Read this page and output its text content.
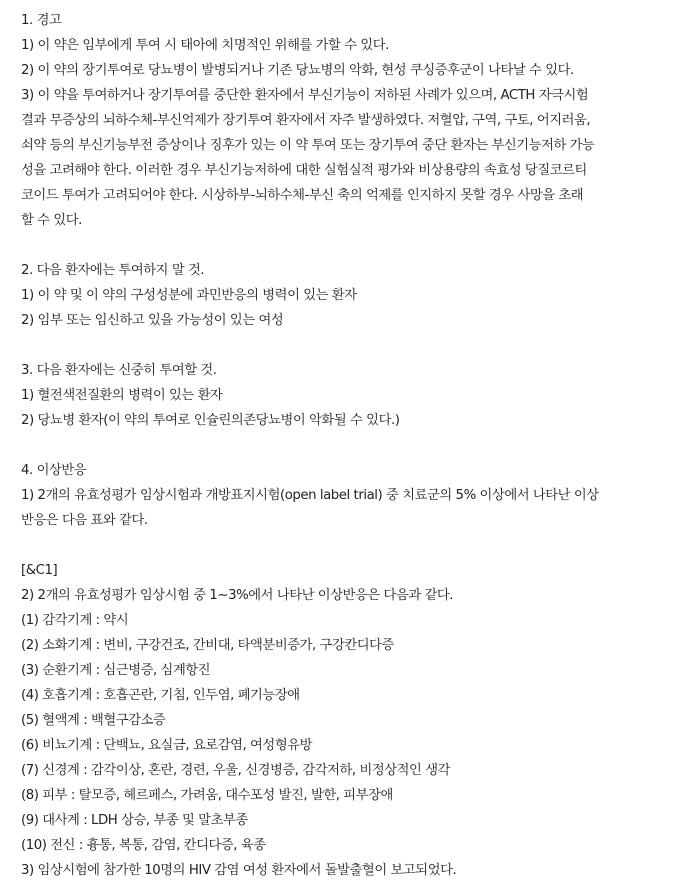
1. 경고
1) 이 약은 임부에게 투여 시 태아에 치명적인 위해를 가할 수 있다.
2) 이 약의 장기투여로 당뇨병이 발병되거나 기존 당뇨병의 악화, 현성 쿠싱증후군이 나타날 수 있다.
3) 이 약을 투여하거나 장기투여를 중단한 환자에서 부신기능이 저하된 사례가 있으며, ACTH 자극시험
결과 무증상의 뇌하수체-부신억제가 장기투여 환자에서 자주 발생하였다. 저혈압, 구역, 구토, 어지러움,
쇠약 등의 부신기능부전 증상이나 징후가 있는 이 약 투여 또는 장기투여 중단 환자는 부신기능저하 가능
성을 고려해야 한다. 이러한 경우 부신기능저하에 대한 실험실적 평가와 비상용량의 속효성 당질코르티
코이드 투여가 고려되어야 한다. 시상하부-뇌하수체-부신 축의 억제를 인지하지 못할 경우 사망을 초래
할 수 있다.
2. 다음 환자에는 투여하지 말 것.
1) 이 약 및 이 약의 구성성분에 과민반응의 병력이 있는 환자
2) 임부 또는 임신하고 있을 가능성이 있는 여성
3. 다음 환자에는 신중히 투여할 것.
1) 혈전색전질환의 병력이 있는 환자
2) 당뇨병 환자(이 약의 투여로 인슐린의존당뇨병이 악화될 수 있다.)
4. 이상반응
1) 2개의 유효성평가 임상시험과 개방표지시험(open label trial) 중 치료군의 5% 이상에서 나타난 이상
반응은 다음 표와 같다.
[&C1]
2) 2개의 유효성평가 임상시험 중 1~3%에서 나타난 이상반응은 다음과 같다.
(1) 감각기계 : 약시
(2) 소화기계 : 변비, 구강건조, 간비대, 타액분비증가, 구강칸디다증
(3) 순환기계 : 심근병증, 심계항진
(4) 호흡기계 : 호흡곤란, 기침, 인두염, 폐기능장애
(5) 혈액계 : 백혈구감소증
(6) 비뇨기계 : 단백뇨, 요실금, 요로감염, 여성형유방
(7) 신경계 : 감각이상, 혼란, 경련, 우울, 신경병증, 감각저하, 비정상적인 생각
(8) 피부 : 탈모증, 헤르페스, 가려움, 대수포성 발진, 발한, 피부장애
(9) 대사계 : LDH 상승, 부종 및 말초부종
(10) 전신 : 흉통, 복통, 감염, 칸디다증, 육종
3) 임상시험에 참가한 10명의 HIV 감염 여성 환자에서 돌발출혈이 보고되었다.
